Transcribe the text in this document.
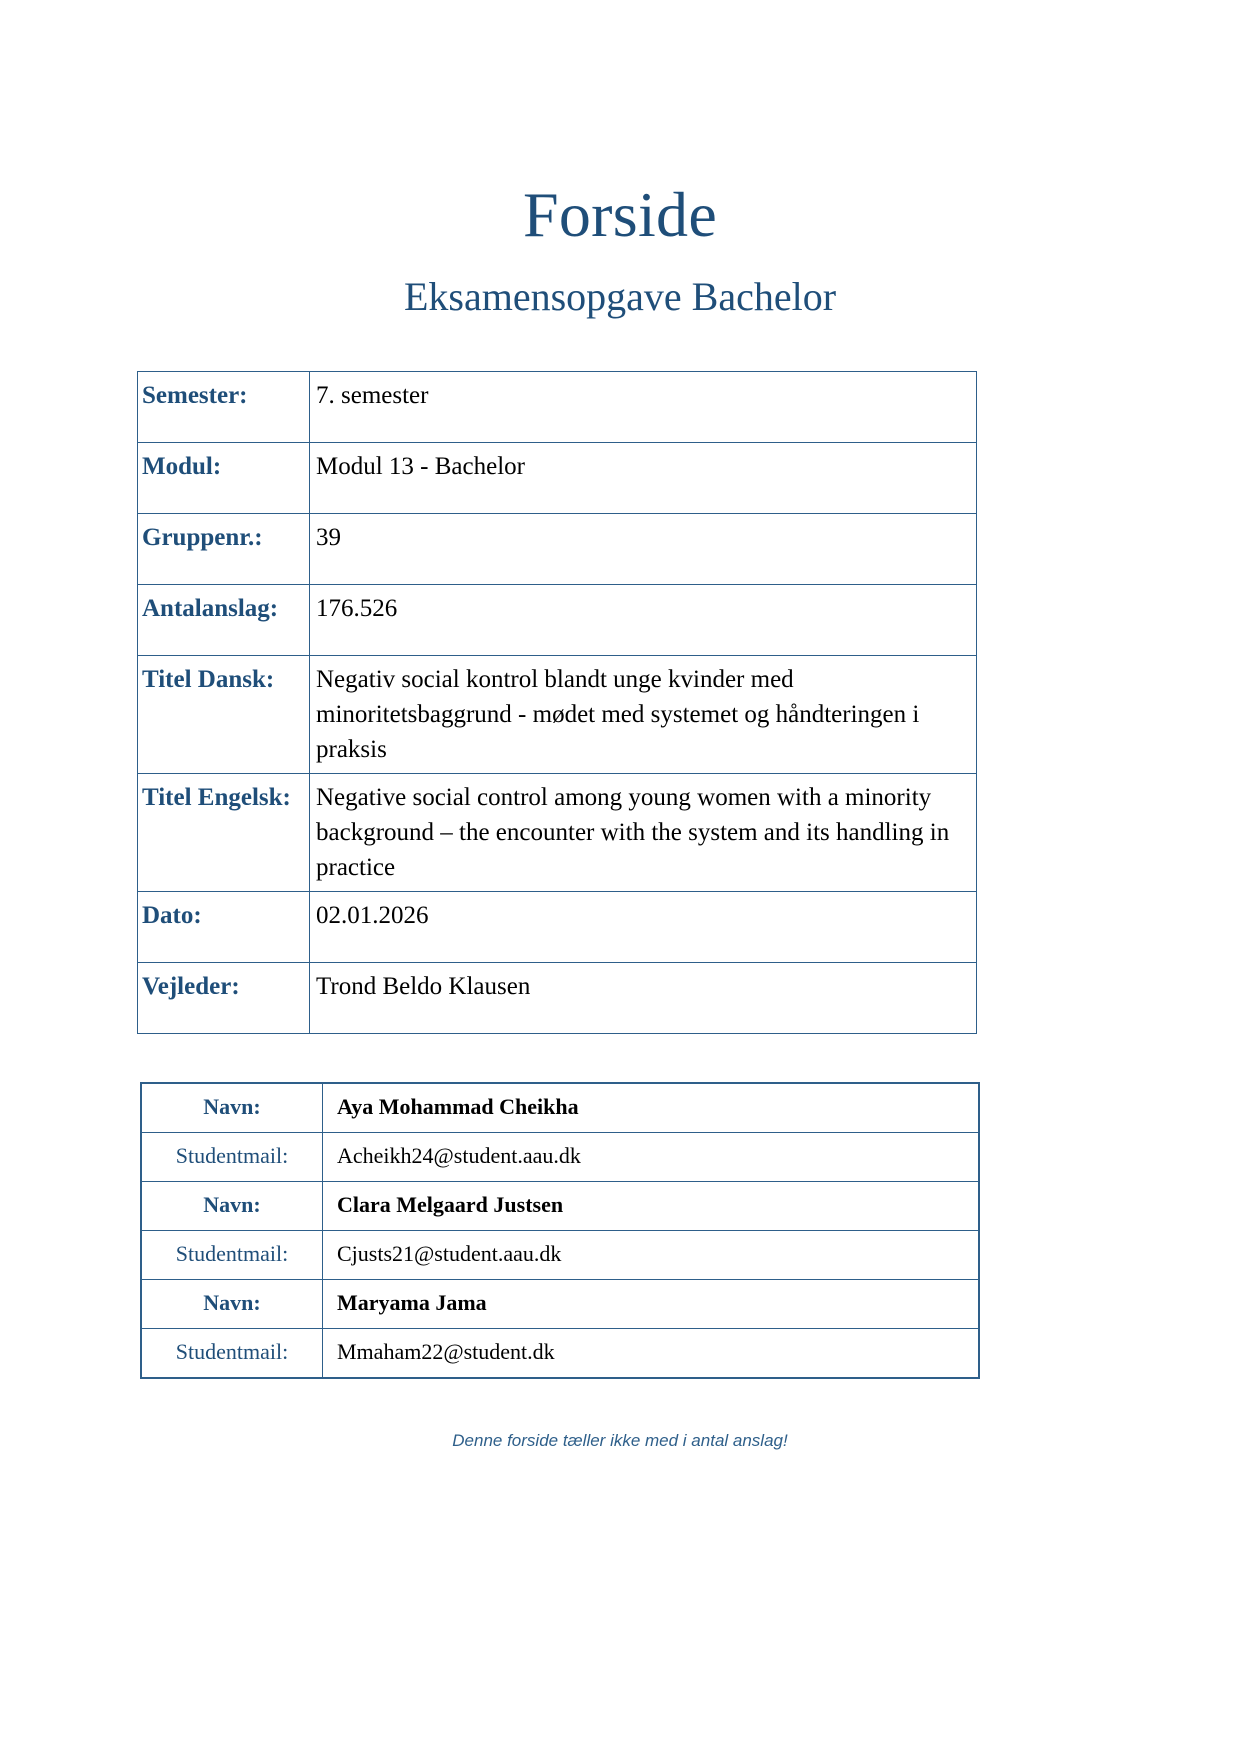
Forside
Eksamensopgave Bachelor
Semester:	7. semester
Modul:	Modul 13 - Bachelor
Gruppenr.:	39
Antalanslag:	176.526
Titel Dansk:	Negativ social kontrol blandt unge kvinder med minoritetsbaggrund - mødet med systemet og håndteringen i praksis
Titel Engelsk:	Negative social control among young women with a minority background – the encounter with the system and its handling in practice
Dato:	02.01.2026
Vejleder:	Trond Beldo Klausen
Navn:	Aya Mohammad Cheikha
Studentmail:	Acheikh24@student.aau.dk
Navn:	Clara Melgaard Justsen
Studentmail:	Cjusts21@student.aau.dk
Navn:	Maryama Jama
Studentmail:	Mmaham22@student.dk
Denne forside tæller ikke med i antal anslag!
